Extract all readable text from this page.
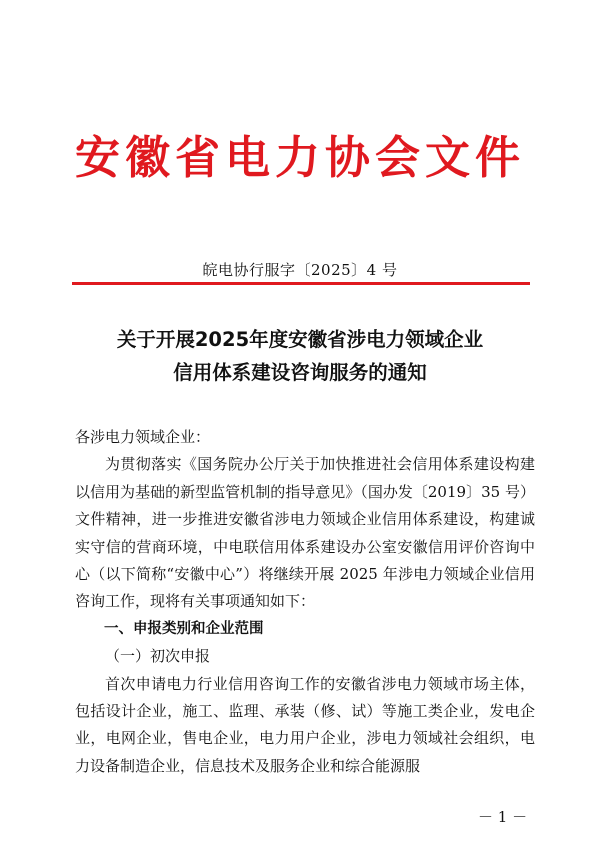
安徽省电力协会文件
皖电协行服字〔2025〕4 号
关于开展2025年度安徽省涉电力领域企业
信用体系建设咨询服务的通知

各涉电力领域企业：

为贯彻落实《国务院办公厅关于加快推进社会信用体系建设构建以信用为基础的新型监管机制的指导意见》（国办发〔2019〕35 号）文件精神，进一步推进安徽省涉电力领域企业信用体系建设，构建诚实守信的营商环境，中电联信用体系建设办公室安徽信用评价咨询中心（以下简称“安徽中心”）将继续开展 2025 年涉电力领域企业信用咨询工作，现将有关事项通知如下：

一、申报类别和企业范围

（一）初次申报

首次申请电力行业信用咨询工作的安徽省涉电力领域市场主体，包括设计企业，施工、监理、承装（修、试）等施工类企业，发电企业，电网企业，售电企业，电力用户企业，涉电力领域社会组织，电力设备制造企业，信息技术及服务企业和综合能源服

－ 1 －
